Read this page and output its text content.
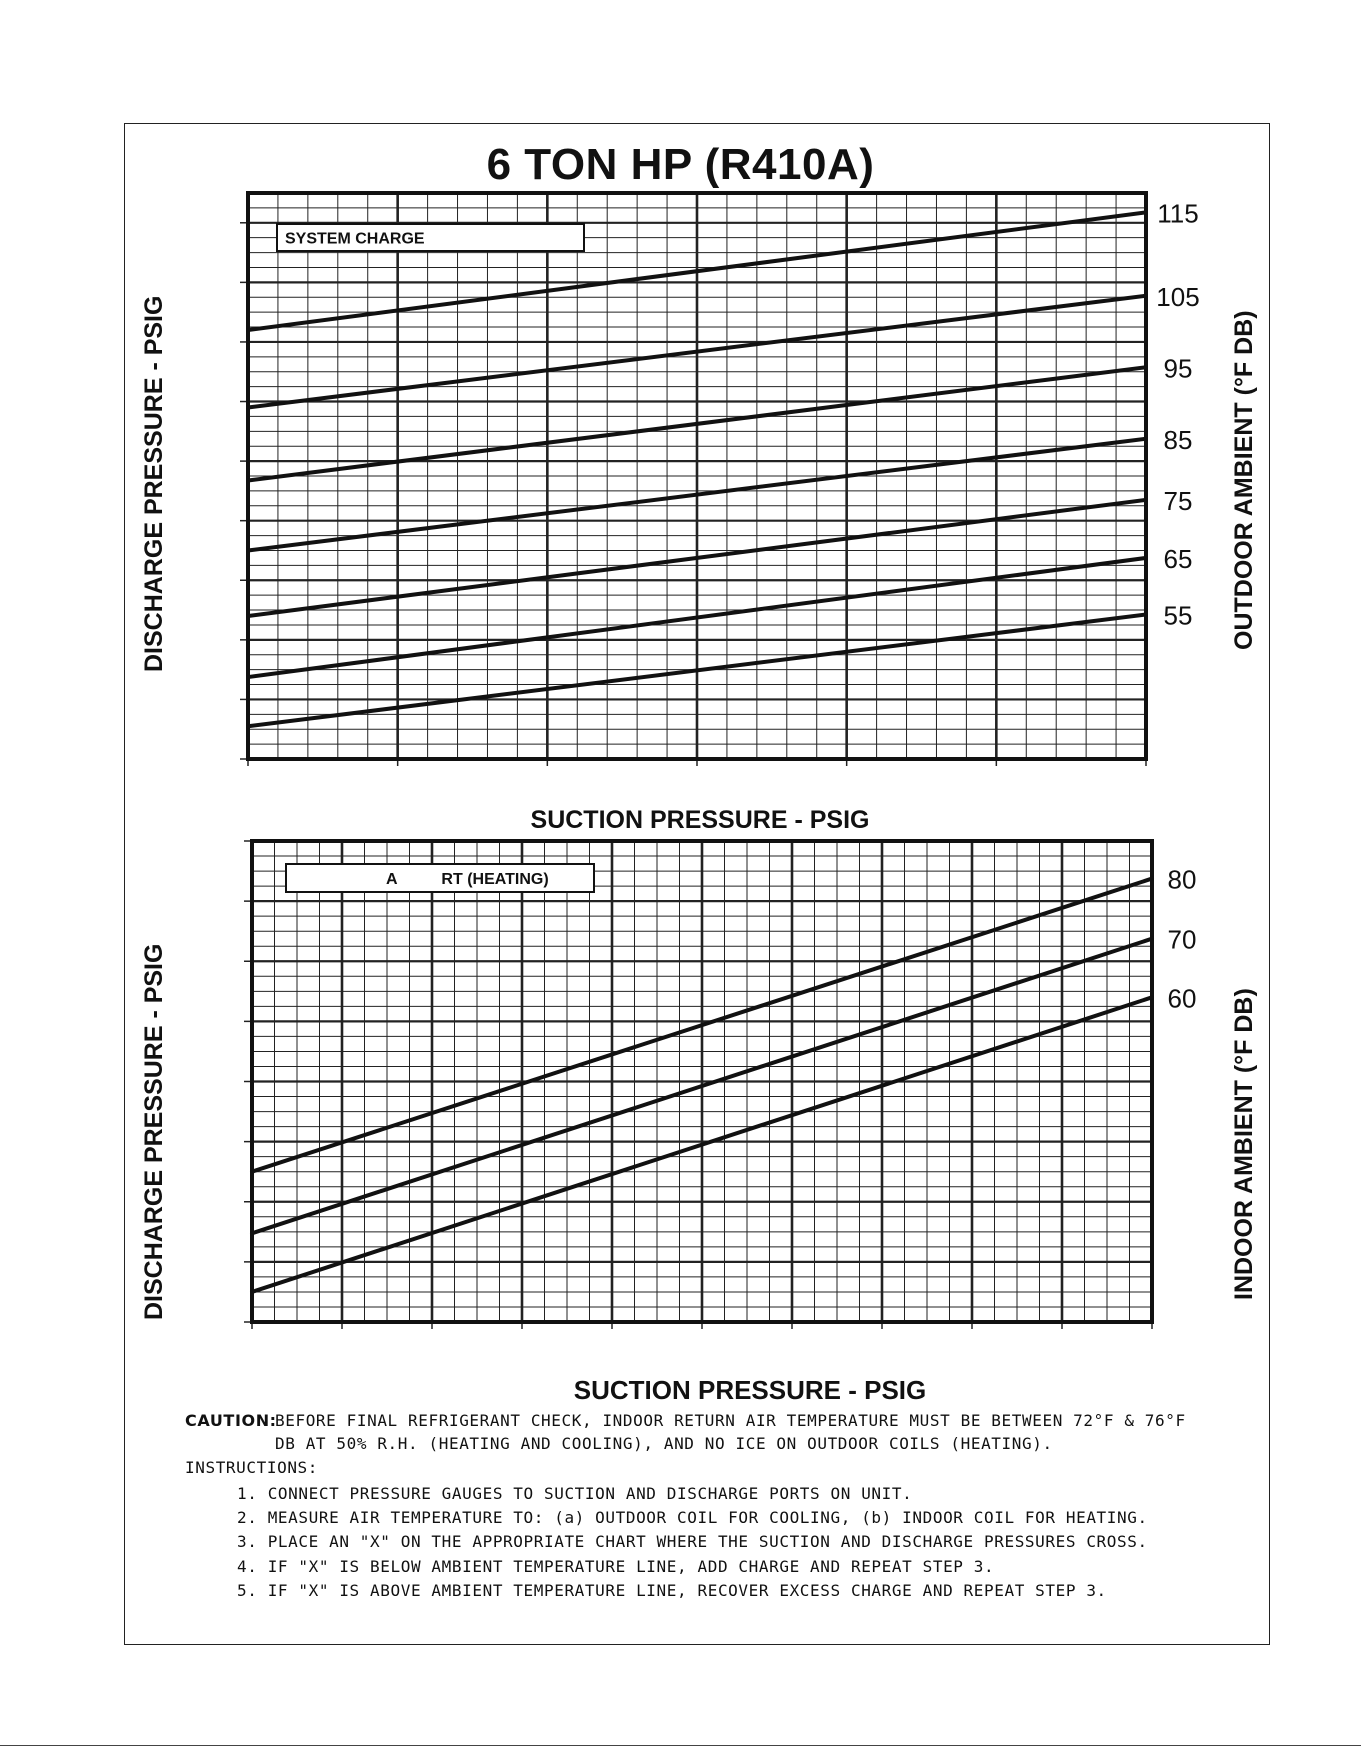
6 TON HP (R410A)
SYSTEM CHARGE
115
105
95
85
75
65
55
DISCHARGE PRESSURE - PSIG	OUTDOOR AMBIENT (°F DB)
SUCTION PRESSURE - PSIG
A          RT (HEATING)	80
70
60
DISCHARGE PRESSURE - PSIG	INDOOR AMBIENT (°F DB)
SUCTION PRESSURE - PSIG
CAUTION:
BEFORE FINAL REFRIGERANT CHECK, INDOOR RETURN AIR TEMPERATURE MUST BE BETWEEN 72°F & 76°F
DB AT 50% R.H. (HEATING AND COOLING), AND NO ICE ON OUTDOOR COILS (HEATING).
INSTRUCTIONS:
1. CONNECT PRESSURE GAUGES TO SUCTION AND DISCHARGE PORTS ON UNIT.
2. MEASURE AIR TEMPERATURE TO: (a) OUTDOOR COIL FOR COOLING, (b) INDOOR COIL FOR HEATING.
3. PLACE AN "X" ON THE APPROPRIATE CHART WHERE THE SUCTION AND DISCHARGE PRESSURES CROSS.
4. IF "X" IS BELOW AMBIENT TEMPERATURE LINE, ADD CHARGE AND REPEAT STEP 3.
5. IF "X" IS ABOVE AMBIENT TEMPERATURE LINE, RECOVER EXCESS CHARGE AND REPEAT STEP 3.
